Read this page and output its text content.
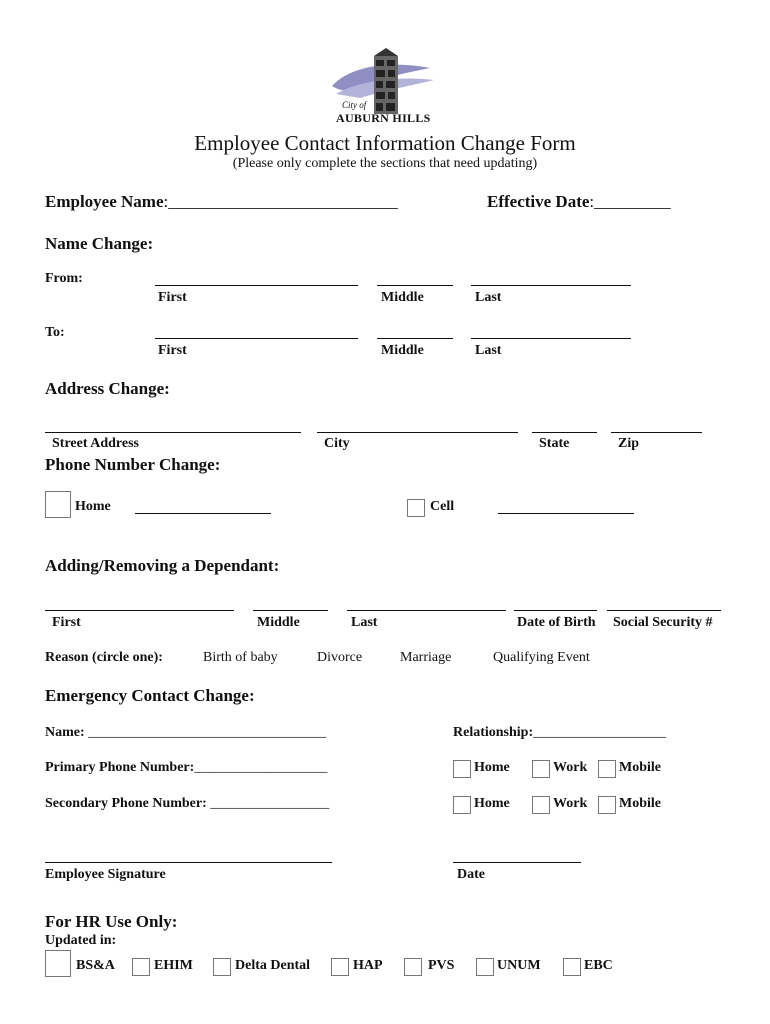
City of
AUBURN HILLS
Employee Contact Information Change Form
(Please only complete the sections that need updating)
Employee Name:___________________________	Effective Date:_________
Name Change:
From:
First	Middle	Last
To:
First	Middle	Last
Address Change:
Street Address	City	State	Zip
Phone Number Change:
Home	Cell
Adding/Removing a Dependant:
First	Middle	Last	Date of Birth Social Security #
Reason (circle one):	Birth of baby	Divorce	Marriage	Qualifying Event
Emergency Contact Change:
Name: __________________________________	Relationship:___________________
Primary Phone Number:___________________	Home	Work Mobile
Secondary Phone Number: _________________	Home	Work Mobile
Employee Signature	Date
For HR Use Only:
Updated in:
BS&A	EHIM	Delta Dental	HAP	PVS	UNUM	EBC
